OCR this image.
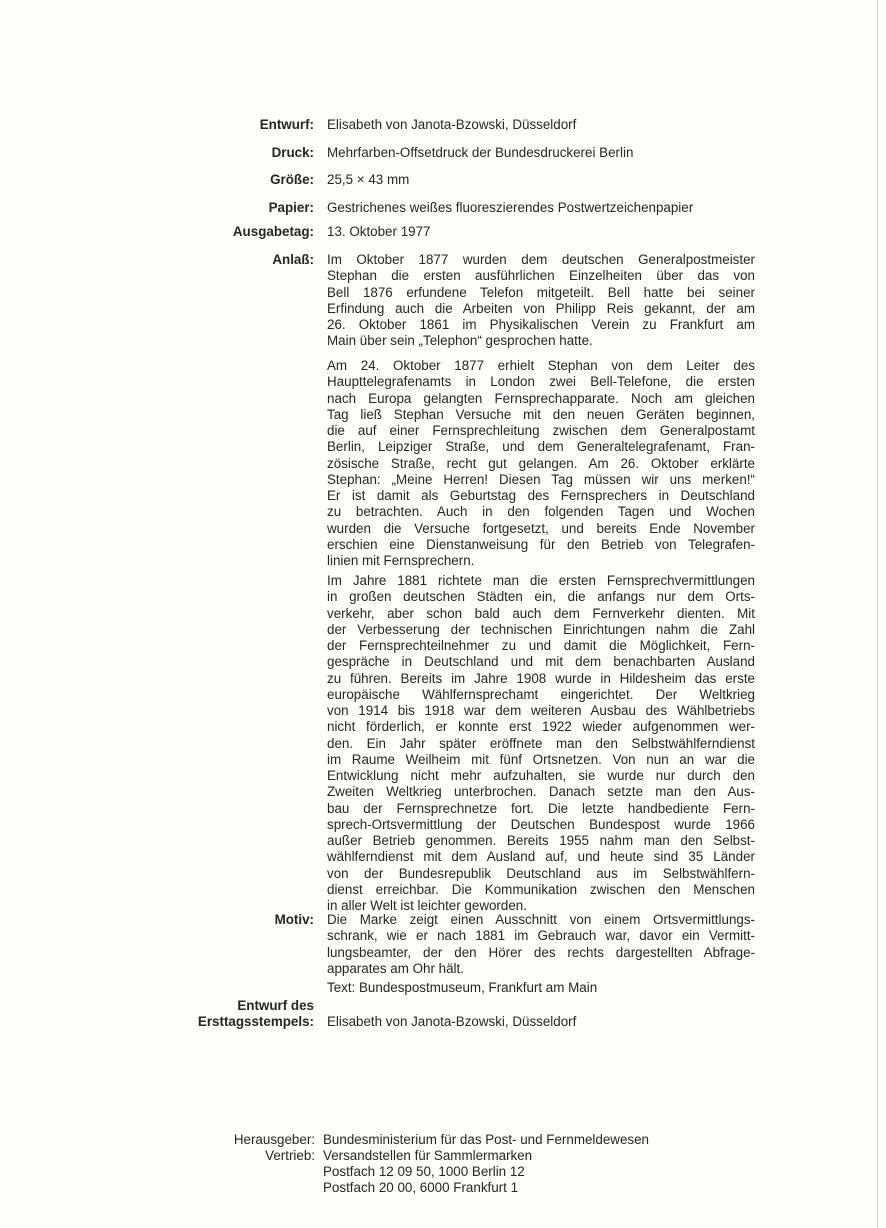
Entwurf: Elisabeth von Janota-Bzowski, Düsseldorf
Druck: Mehrfarben-Offsetdruck der Bundesdruckerei Berlin
Größe: 25,5 × 43 mm
Papier: Gestrichenes weißes fluoreszierendes Postwertzeichenpapier
Ausgabetag: 13. Oktober 1977
Anlaß: Im Oktober 1877 wurden dem deutschen Generalpostmeister
Stephan die ersten ausführlichen Einzelheiten über das von
Bell 1876 erfundene Telefon mitgeteilt. Bell hatte bei seiner
Erfindung auch die Arbeiten von Philipp Reis gekannt, der am
26. Oktober 1861 im Physikalischen Verein zu Frankfurt am
Main über sein „Telephon“ gesprochen hatte.
Am 24. Oktober 1877 erhielt Stephan von dem Leiter des
Haupttelegrafenamts in London zwei Bell-Telefone, die ersten
nach Europa gelangten Fernsprechapparate. Noch am gleichen
Tag ließ Stephan Versuche mit den neuen Geräten beginnen,
die auf einer Fernsprechleitung zwischen dem Generalpostamt
Berlin, Leipziger Straße, und dem Generaltelegrafenamt, Fran-
zösische Straße, recht gut gelangen. Am 26. Oktober erklärte
Stephan: „Meine Herren! Diesen Tag müssen wir uns merken!“
Er ist damit als Geburtstag des Fernsprechers in Deutschland
zu betrachten. Auch in den folgenden Tagen und Wochen
wurden die Versuche fortgesetzt, und bereits Ende November
erschien eine Dienstanweisung für den Betrieb von Telegrafen-
linien mit Fernsprechern.
Im Jahre 1881 richtete man die ersten Fernsprechvermittlungen
in großen deutschen Städten ein, die anfangs nur dem Orts-
verkehr, aber schon bald auch dem Fernverkehr dienten. Mit
der Verbesserung der technischen Einrichtungen nahm die Zahl
der Fernsprechteilnehmer zu und damit die Möglichkeit, Fern-
gespräche in Deutschland und mit dem benachbarten Ausland
zu führen. Bereits im Jahre 1908 wurde in Hildesheim das erste
europäische Wählfernsprechamt eingerichtet. Der Weltkrieg
von 1914 bis 1918 war dem weiteren Ausbau des Wählbetriebs
nicht förderlich, er konnte erst 1922 wieder aufgenommen wer-
den. Ein Jahr später eröffnete man den Selbstwählferndienst
im Raume Weilheim mit fünf Ortsnetzen. Von nun an war die
Entwicklung nicht mehr aufzuhalten, sie wurde nur durch den
Zweiten Weltkrieg unterbrochen. Danach setzte man den Aus-
bau der Fernsprechnetze fort. Die letzte handbediente Fern-
sprech-Ortsvermittlung der Deutschen Bundespost wurde 1966
außer Betrieb genommen. Bereits 1955 nahm man den Selbst-
wählferndienst mit dem Ausland auf, und heute sind 35 Länder
von der Bundesrepublik Deutschland aus im Selbstwählfern-
dienst erreichbar. Die Kommunikation zwischen den Menschen
in aller Welt ist leichter geworden.
Motiv: Die Marke zeigt einen Ausschnitt von einem Ortsvermittlungs-
schrank, wie er nach 1881 im Gebrauch war, davor ein Vermitt-
lungsbeamter, der den Hörer des rechts dargestellten Abfrage-
apparates am Ohr hält.
Text: Bundespostmuseum, Frankfurt am Main
Entwurf des
Ersttagsstempels: Elisabeth von Janota-Bzowski, Düsseldorf
Herausgeber: Bundesministerium für das Post- und Fernmeldewesen
Vertrieb: Versandstellen für Sammlermarken
Postfach 12 09 50, 1000 Berlin 12
Postfach 20 00, 6000 Frankfurt 1
